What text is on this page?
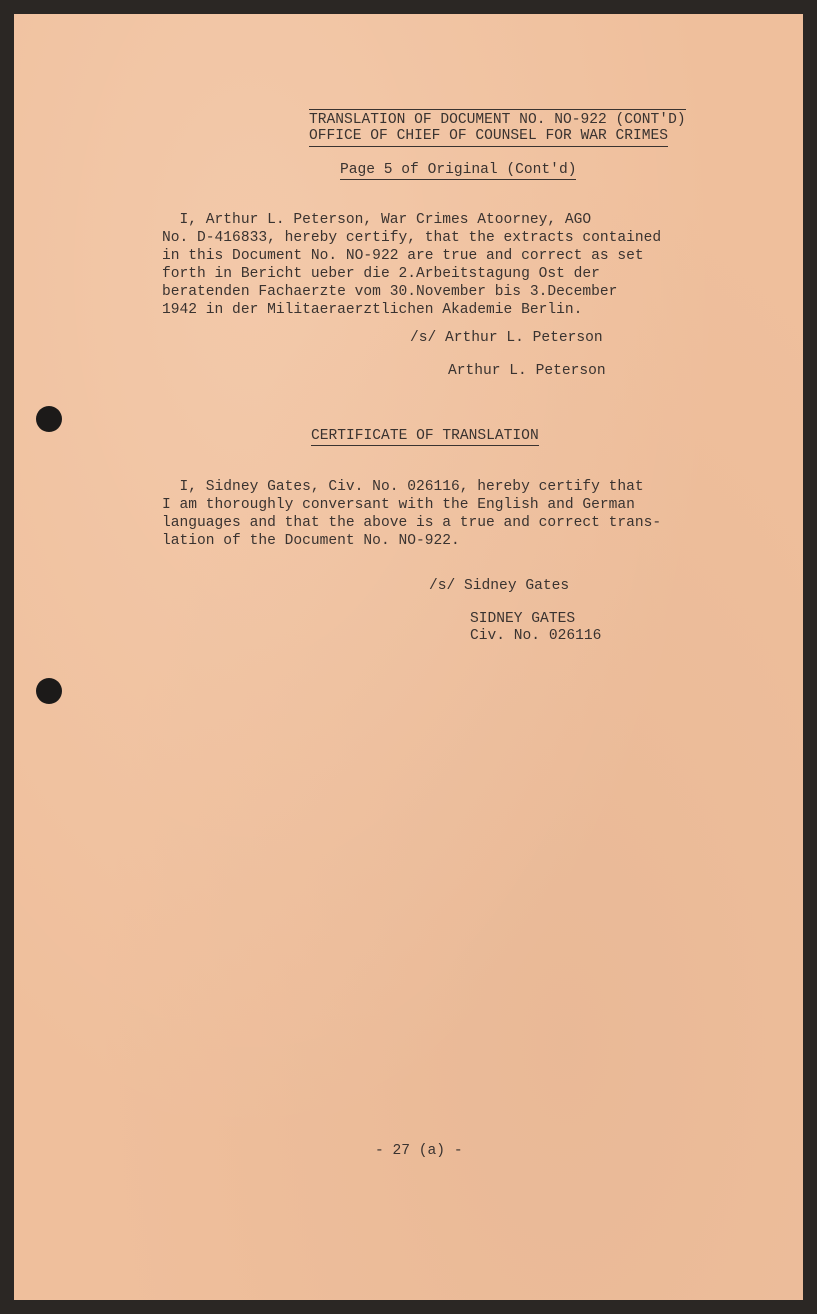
TRANSLATION OF DOCUMENT NO. NO-922 (CONT'D)
OFFICE OF CHIEF OF COUNSEL FOR WAR CRIMES
Page 5 of Original (Cont'd)
I, Arthur L. Peterson, War Crimes Atoorney, AGO
No. D-416833, hereby certify, that the extracts contained
in this Document No. NO-922 are true and correct as set
forth in Bericht ueber die 2.Arbeitstagung Ost der
beratenden Fachaerzte vom 30.November bis 3.December
1942 in der Militaeraerztlichen Akademie Berlin.
/s/ Arthur L. Peterson
Arthur L. Peterson
CERTIFICATE OF TRANSLATION
I, Sidney Gates, Civ. No. 026116, hereby certify that
I am thoroughly conversant with the English and German
languages and that the above is a true and correct trans-
lation of the Document No. NO-922.
/s/ Sidney Gates
SIDNEY GATES
Civ. No. 026116
- 27 (a) -
